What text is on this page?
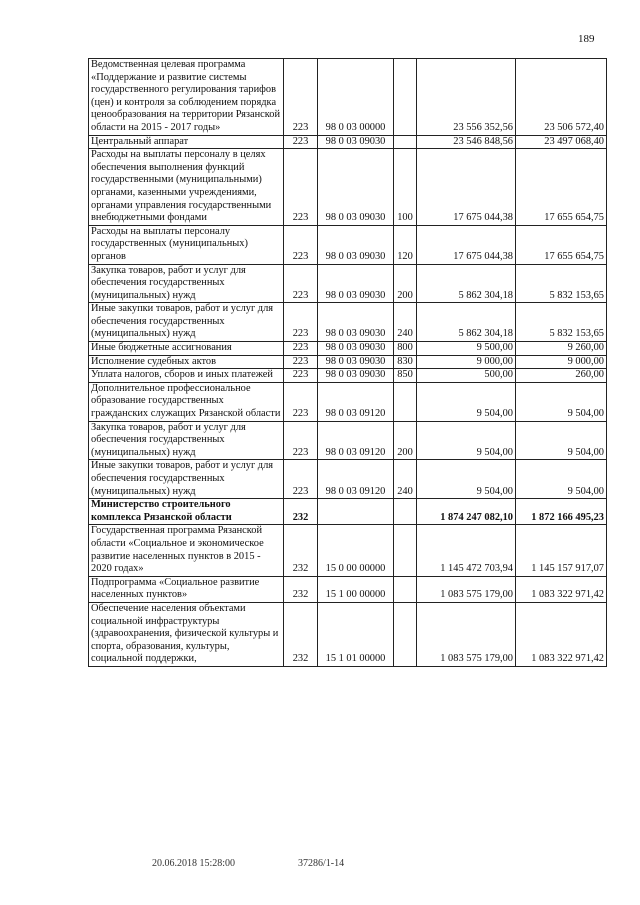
189
Ведомственная целевая программа «Поддержание и развитие системы государственного регулирования тарифов (цен) и контроля за соблюдением порядка ценообразования на территории Рязанской области на 2015 - 2017 годы»	223	98 0 03 00000		23 556 352,56	23 506 572,40
Центральный аппарат	223	98 0 03 09030		23 546 848,56	23 497 068,40
Расходы на выплаты персоналу в целях обеспечения выполнения функций государственными (муниципальными) органами, казенными учреждениями, органами управления государственными внебюджетными фондами	223	98 0 03 09030	100	17 675 044,38	17 655 654,75
Расходы на выплаты персоналу государственных (муниципальных) органов	223	98 0 03 09030	120	17 675 044,38	17 655 654,75
Закупка товаров, работ и услуг для обеспечения государственных (муниципальных) нужд	223	98 0 03 09030	200	5 862 304,18	5 832 153,65
Иные закупки товаров, работ и услуг для обеспечения государственных (муниципальных) нужд	223	98 0 03 09030	240	5 862 304,18	5 832 153,65
Иные бюджетные ассигнования	223	98 0 03 09030	800	9 500,00	9 260,00
Исполнение судебных актов	223	98 0 03 09030	830	9 000,00	9 000,00
Уплата налогов, сборов и иных платежей	223	98 0 03 09030	850	500,00	260,00
Дополнительное профессиональное образование государственных гражданских служащих Рязанской области	223	98 0 03 09120		9 504,00	9 504,00
Закупка товаров, работ и услуг для обеспечения государственных (муниципальных) нужд	223	98 0 03 09120	200	9 504,00	9 504,00
Иные закупки товаров, работ и услуг для обеспечения государственных (муниципальных) нужд	223	98 0 03 09120	240	9 504,00	9 504,00
Министерство строительного комплекса Рязанской области	232			1 874 247 082,10	1 872 166 495,23
Государственная программа Рязанской области «Социальное и экономическое развитие населенных пунктов в 2015 - 2020 годах»	232	15 0 00 00000		1 145 472 703,94	1 145 157 917,07
Подпрограмма «Социальное развитие населенных пунктов»	232	15 1 00 00000		1 083 575 179,00	1 083 322 971,42
Обеспечение населения объектами социальной инфраструктуры (здравоохранения, физической культуры и спорта, образования, культуры, социальной поддержки,	232	15 1 01 00000		1 083 575 179,00	1 083 322 971,42
20.06.2018 15:28:00	37286/1-14
